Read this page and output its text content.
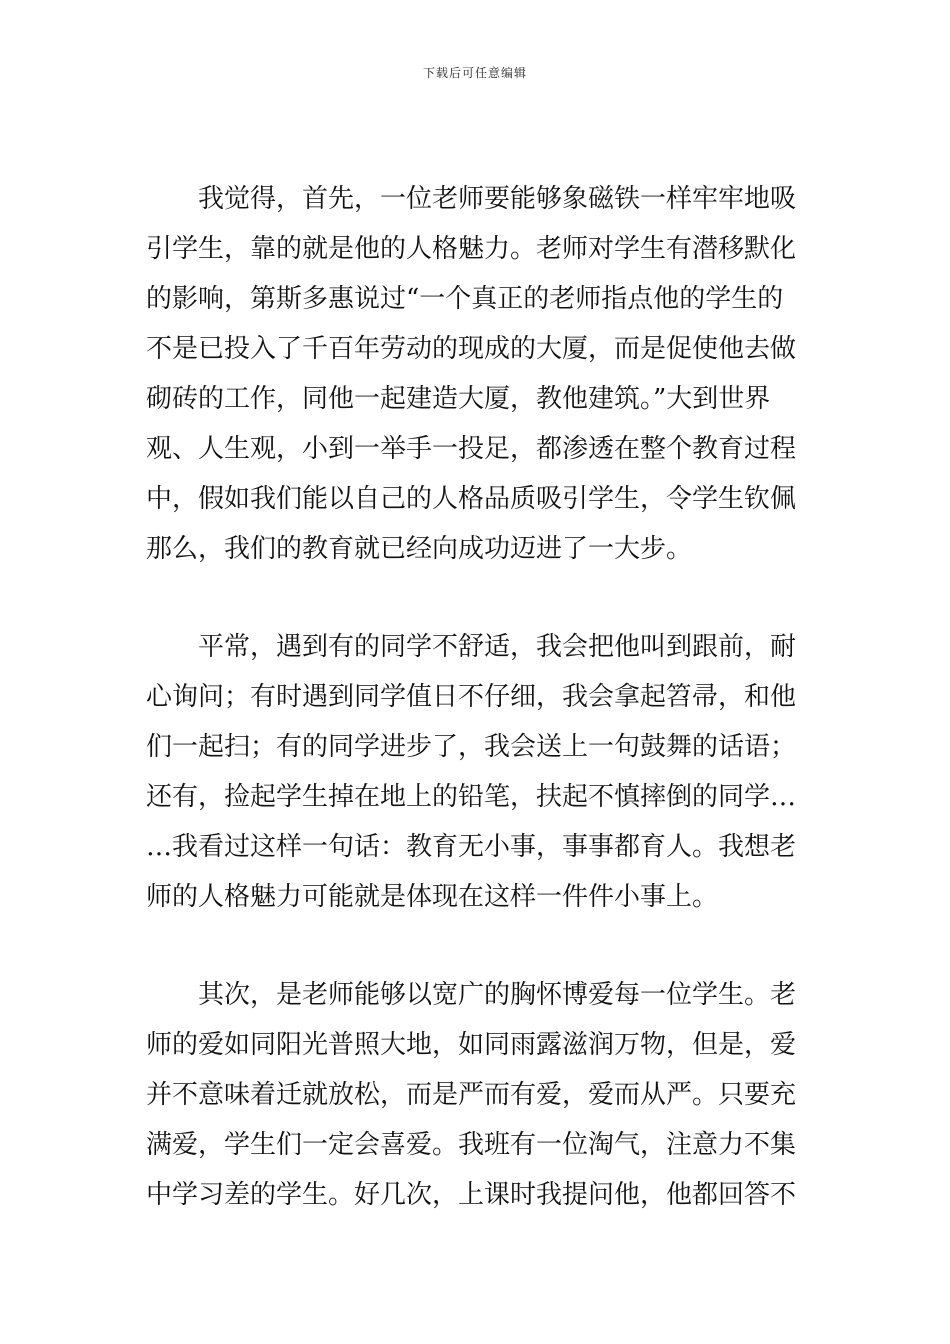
下载后可任意编辑
我觉得，首先，一位老师要能够象磁铁一样牢牢地吸
引学生，靠的就是他的人格魅力。老师对学生有潜移默化
的影响，第斯多惠说过“一个真正的老师指点他的学生的
不是已投入了千百年劳动的现成的大厦，而是促使他去做
砌砖的工作，同他一起建造大厦，教他建筑。”大到世界
观、人生观，小到一举手一投足，都渗透在整个教育过程
中，假如我们能以自己的人格品质吸引学生，令学生钦佩
那么，我们的教育就已经向成功迈进了一大步。
平常，遇到有的同学不舒适，我会把他叫到跟前，耐
心询问；有时遇到同学值日不仔细，我会拿起笤帚，和他
们一起扫；有的同学进步了，我会送上一句鼓舞的话语；
还有，捡起学生掉在地上的铅笔，扶起不慎摔倒的同学…
…我看过这样一句话：教育无小事，事事都育人。我想老
师的人格魅力可能就是体现在这样一件件小事上。
其次，是老师能够以宽广的胸怀博爱每一位学生。老
师的爱如同阳光普照大地，如同雨露滋润万物，但是，爱
并不意味着迁就放松，而是严而有爱，爱而从严。只要充
满爱，学生们一定会喜爱。我班有一位淘气，注意力不集
中学习差的学生。好几次，上课时我提问他，他都回答不
